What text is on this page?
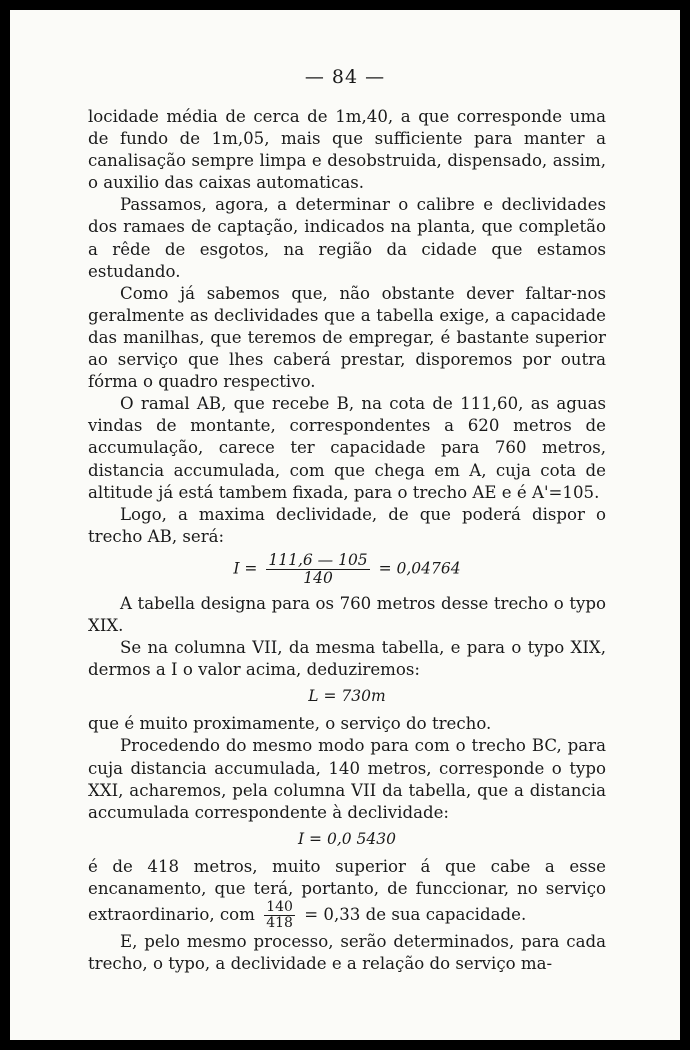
— 84 —

locidade média de cerca de 1m,40, a que corresponde uma de fundo de 1m,05, mais que sufficiente para manter a canalisação sempre limpa e desobstruida, dispensado, assim, o auxilio das caixas automaticas.

Passamos, agora, a determinar o calibre e declividades dos ramaes de captação, indicados na planta, que completão a rêde de esgotos, na região da cidade que estamos estudando.

Como já sabemos que, não obstante dever faltar-nos geralmente as declividades que a tabella exige, a capacidade das manilhas, que teremos de empregar, é bastante superior ao serviço que lhes caberá prestar, disporemos por outra fórma o quadro respectivo.

O ramal AB, que recebe B, na cota de 111,60, as aguas vindas de montante, correspondentes a 620 metros de accumulação, carece ter capacidade para 760 metros, distancia accumulada, com que chega em A, cuja cota de altitude já está tambem fixada, para o trecho AE e é A'=105.

Logo, a maxima declividade, de que poderá dispor o trecho AB, será:

$I = \frac{111,6 — 105}{140} = 0,04764$

A tabella designa para os 760 metros desse trecho o typo XIX.

Se na columna VII, da mesma tabella, e para o typo XIX, dermos a I o valor acima, deduziremos:

L = 730m

que é muito proximamente, o serviço do trecho.

Procedendo do mesmo modo para com o trecho BC, para cuja distancia accumulada, 140 metros, corresponde o typo XXI, acharemos, pela columna VII da tabella, que a distancia accumulada correspondente à declividade:

I = 0,0 5430

é de 418 metros, muito superior á que cabe a esse encanamento, que terá, portanto, de funccionar, no serviço extraordinario, com $\frac{140}{418} = 0,33$ de sua capacidade.

E, pelo mesmo processo, serão determinados, para cada trecho, o typo, a declividade e a relação do serviço ma-
